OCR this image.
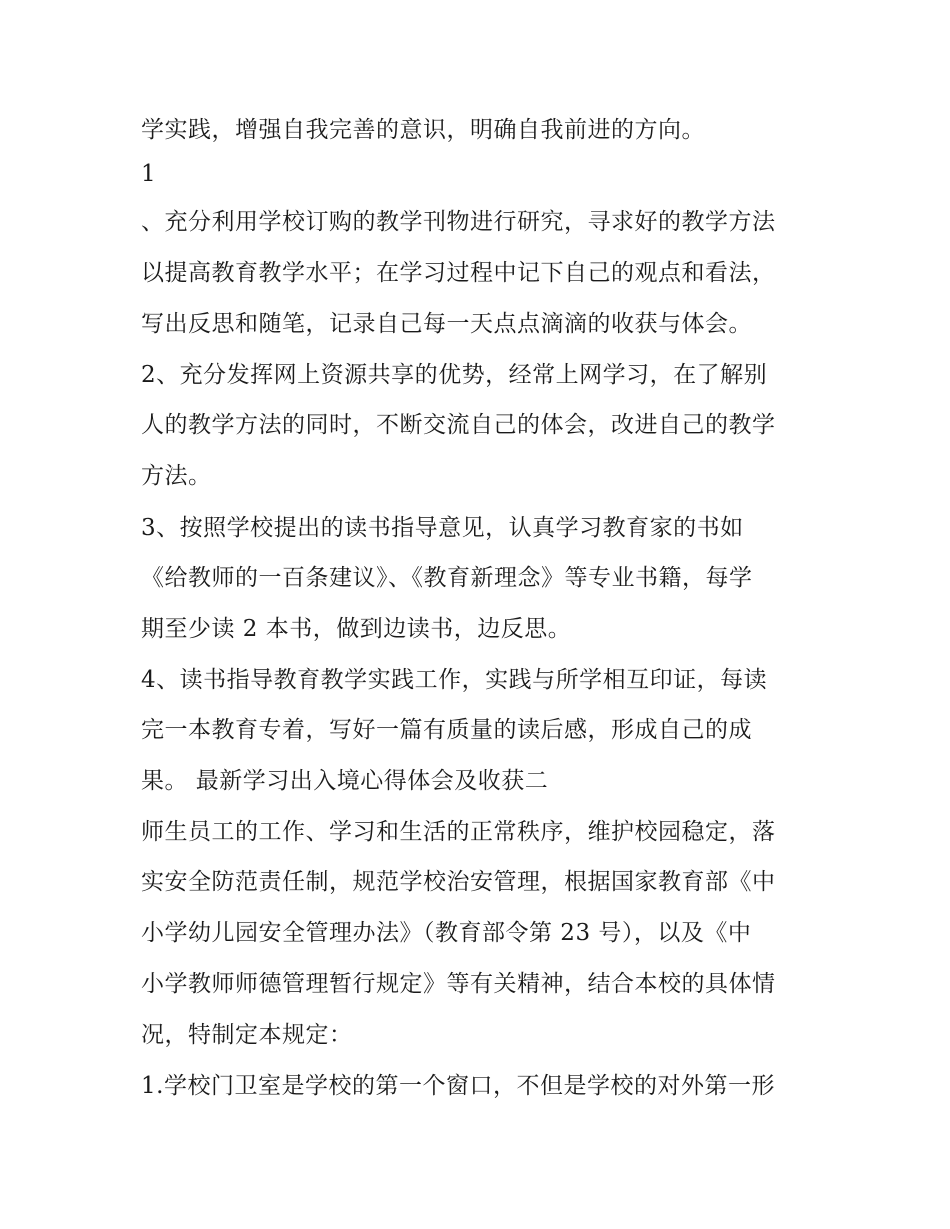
学实践，增强自我完善的意识，明确自我前进的方向。
1
、充分利用学校订购的教学刊物进行研究，寻求好的教学方法
以提高教育教学水平；在学习过程中记下自己的观点和看法，
写出反思和随笔，记录自己每一天点点滴滴的收获与体会。
2、充分发挥网上资源共享的优势，经常上网学习，在了解别
人的教学方法的同时，不断交流自己的体会，改进自己的教学
方法。
3、按照学校提出的读书指导意见，认真学习教育家的书如
《给教师的一百条建议》、《教育新理念》等专业书籍，每学
期至少读 2 本书，做到边读书，边反思。
4、读书指导教育教学实践工作，实践与所学相互印证，每读
完一本教育专着，写好一篇有质量的读后感，形成自己的成
果。 最新学习出入境心得体会及收获二
师生员工的工作、学习和生活的正常秩序，维护校园稳定，落
实安全防范责任制，规范学校治安管理，根据国家教育部《中
小学幼儿园安全管理办法》（教育部令第 23 号），以及《中
小学教师师德管理暂行规定》等有关精神，结合本校的具体情
况，特制定本规定：
1.学校门卫室是学校的第一个窗口，不但是学校的对外第一形
